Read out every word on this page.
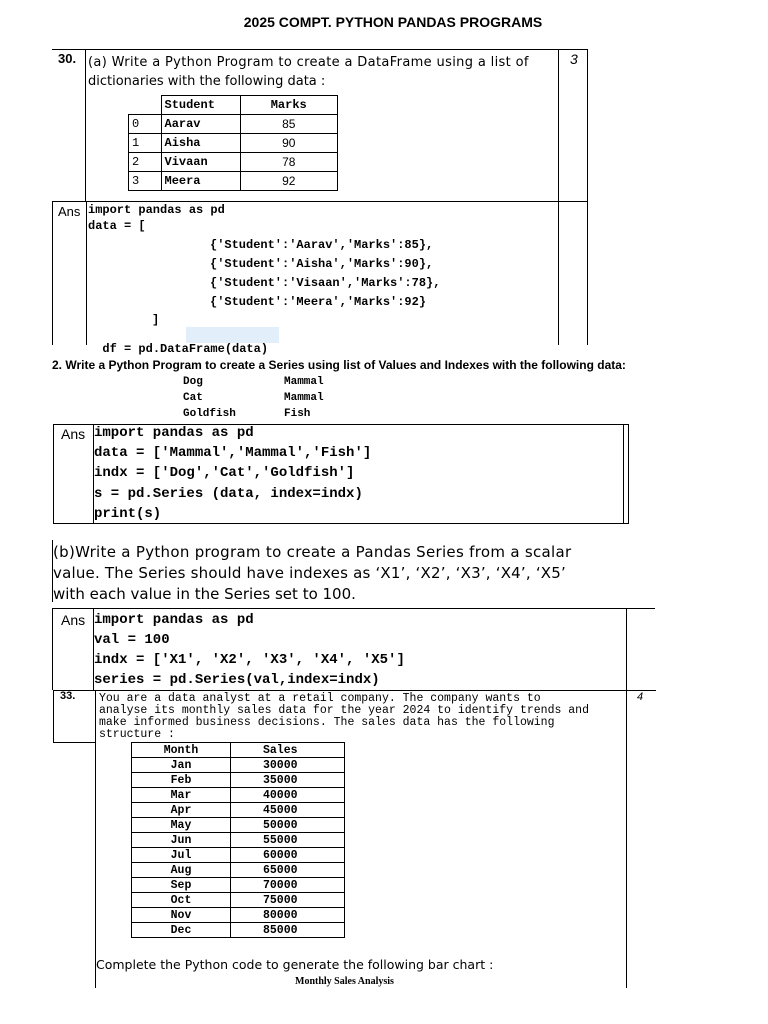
2025 COMPT. PYTHON PANDAS PROGRAMS
30.	3
(a) Write a Python Program to create a DataFrame using a list of
dictionaries with the following data :
	Student	Marks
0	Aarav	85
1	Aisha	90
2	Vivaan	78
3	Meera	92
Ans import pandas as pd
data = [
{'Student':'Aarav','Marks':85},
{'Student':'Aisha','Marks':90},
{'Student':'Visaan','Marks':78},
{'Student':'Meera','Marks':92}
]

df = pd.DataFrame(data)

2. Write a Python Program to create a Series using list of Values and Indexes with the following data:
Dog	Mammal
Cat	Mammal
Goldfish	Fish
Ans import pandas as pd
data = ['Mammal','Mammal','Fish']
indx = ['Dog','Cat','Goldfish']
s = pd.Series (data, index=indx)
print(s)
(b)Write a Python program to create a Pandas Series from a scalar
value. The Series should have indexes as ‘X1’, ‘X2’, ‘X3’, ‘X4’, ‘X5’
with each value in the Series set to 100.
Ans import pandas as pd
val = 100
indx = ['X1', 'X2', 'X3', 'X4', 'X5']
series = pd.Series(val,index=indx)
33.	4
You are a data analyst at a retail company. The company wants to
analyse its monthly sales data for the year 2024 to identify trends and
make informed business decisions. The sales data has the following
structure :
Month	Sales
Jan	30000
Feb	35000
Mar	40000
Apr	45000
May	50000
Jun	55000
Jul	60000
Aug	65000
Sep	70000
Oct	75000
Nov	80000
Dec	85000
Complete the Python code to generate the following bar chart :
Monthly Sales Analysis
